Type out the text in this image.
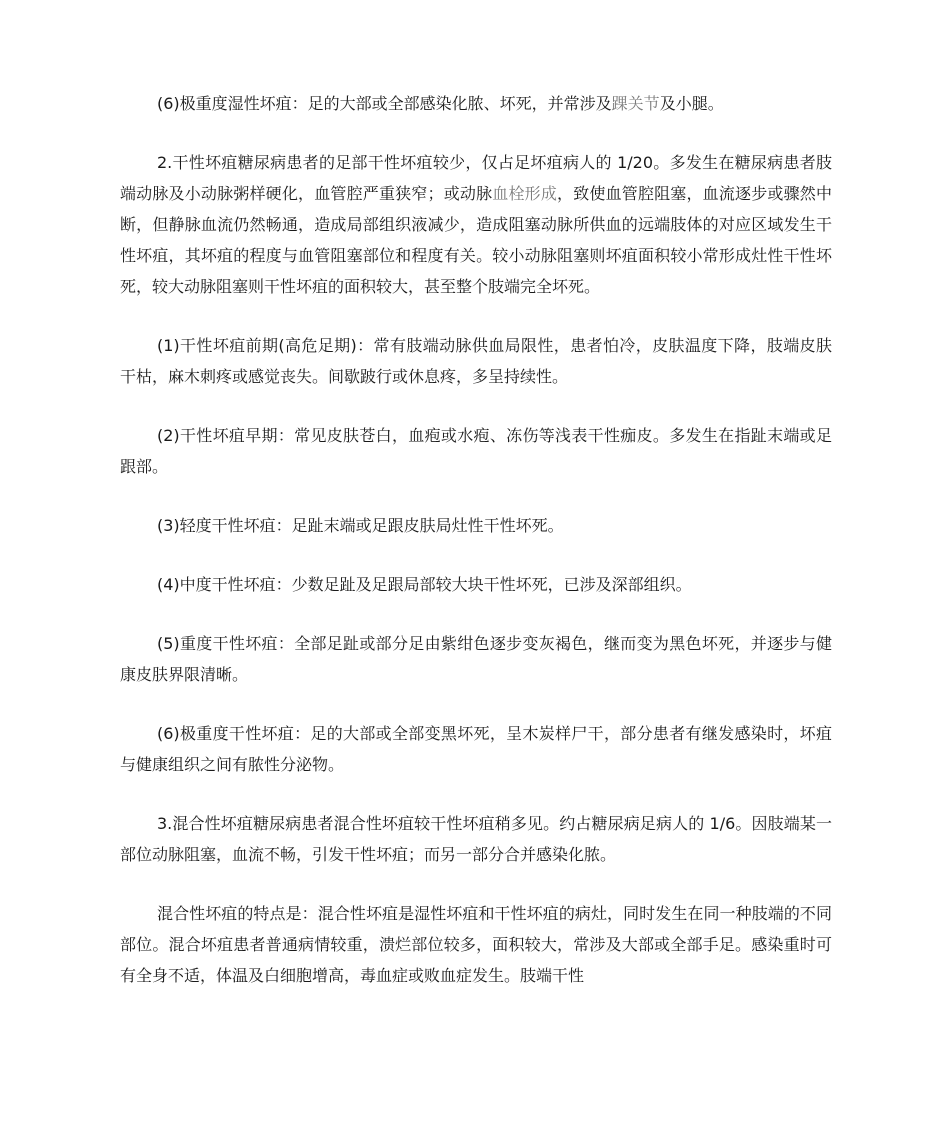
(6)极重度湿性坏疽：足的大部或全部感染化脓、坏死，并常涉及踝关节及小腿。

2.干性坏疽糖尿病患者的足部干性坏疽较少，仅占足坏疽病人的 1/20。多发生在糖尿病患者肢端动脉及小动脉粥样硬化，血管腔严重狭窄；或动脉血栓形成，致使血管腔阻塞，血流逐步或骤然中断，但静脉血流仍然畅通，造成局部组织液减少，造成阻塞动脉所供血的远端肢体的对应区域发生干性坏疽，其坏疽的程度与血管阻塞部位和程度有关。较小动脉阻塞则坏疽面积较小常形成灶性干性坏死，较大动脉阻塞则干性坏疽的面积较大，甚至整个肢端完全坏死。

(1)干性坏疽前期(高危足期)：常有肢端动脉供血局限性，患者怕冷，皮肤温度下降，肢端皮肤干枯，麻木刺疼或感觉丧失。间歇跛行或休息疼，多呈持续性。

(2)干性坏疽早期：常见皮肤苍白，血疱或水疱、冻伤等浅表干性痂皮。多发生在指趾末端或足跟部。

(3)轻度干性坏疽：足趾末端或足跟皮肤局灶性干性坏死。

(4)中度干性坏疽：少数足趾及足跟局部较大块干性坏死，已涉及深部组织。

(5)重度干性坏疽：全部足趾或部分足由紫绀色逐步变灰褐色，继而变为黑色坏死，并逐步与健康皮肤界限清晰。

(6)极重度干性坏疽：足的大部或全部变黑坏死，呈木炭样尸干，部分患者有继发感染时，坏疽与健康组织之间有脓性分泌物。

3.混合性坏疽糖尿病患者混合性坏疽较干性坏疽稍多见。约占糖尿病足病人的 1/6。因肢端某一部位动脉阻塞，血流不畅，引发干性坏疽；而另一部分合并感染化脓。

混合性坏疽的特点是：混合性坏疽是湿性坏疽和干性坏疽的病灶，同时发生在同一种肢端的不同部位。混合坏疽患者普通病情较重，溃烂部位较多，面积较大，常涉及大部或全部手足。感染重时可有全身不适，体温及白细胞增高，毒血症或败血症发生。肢端干性
